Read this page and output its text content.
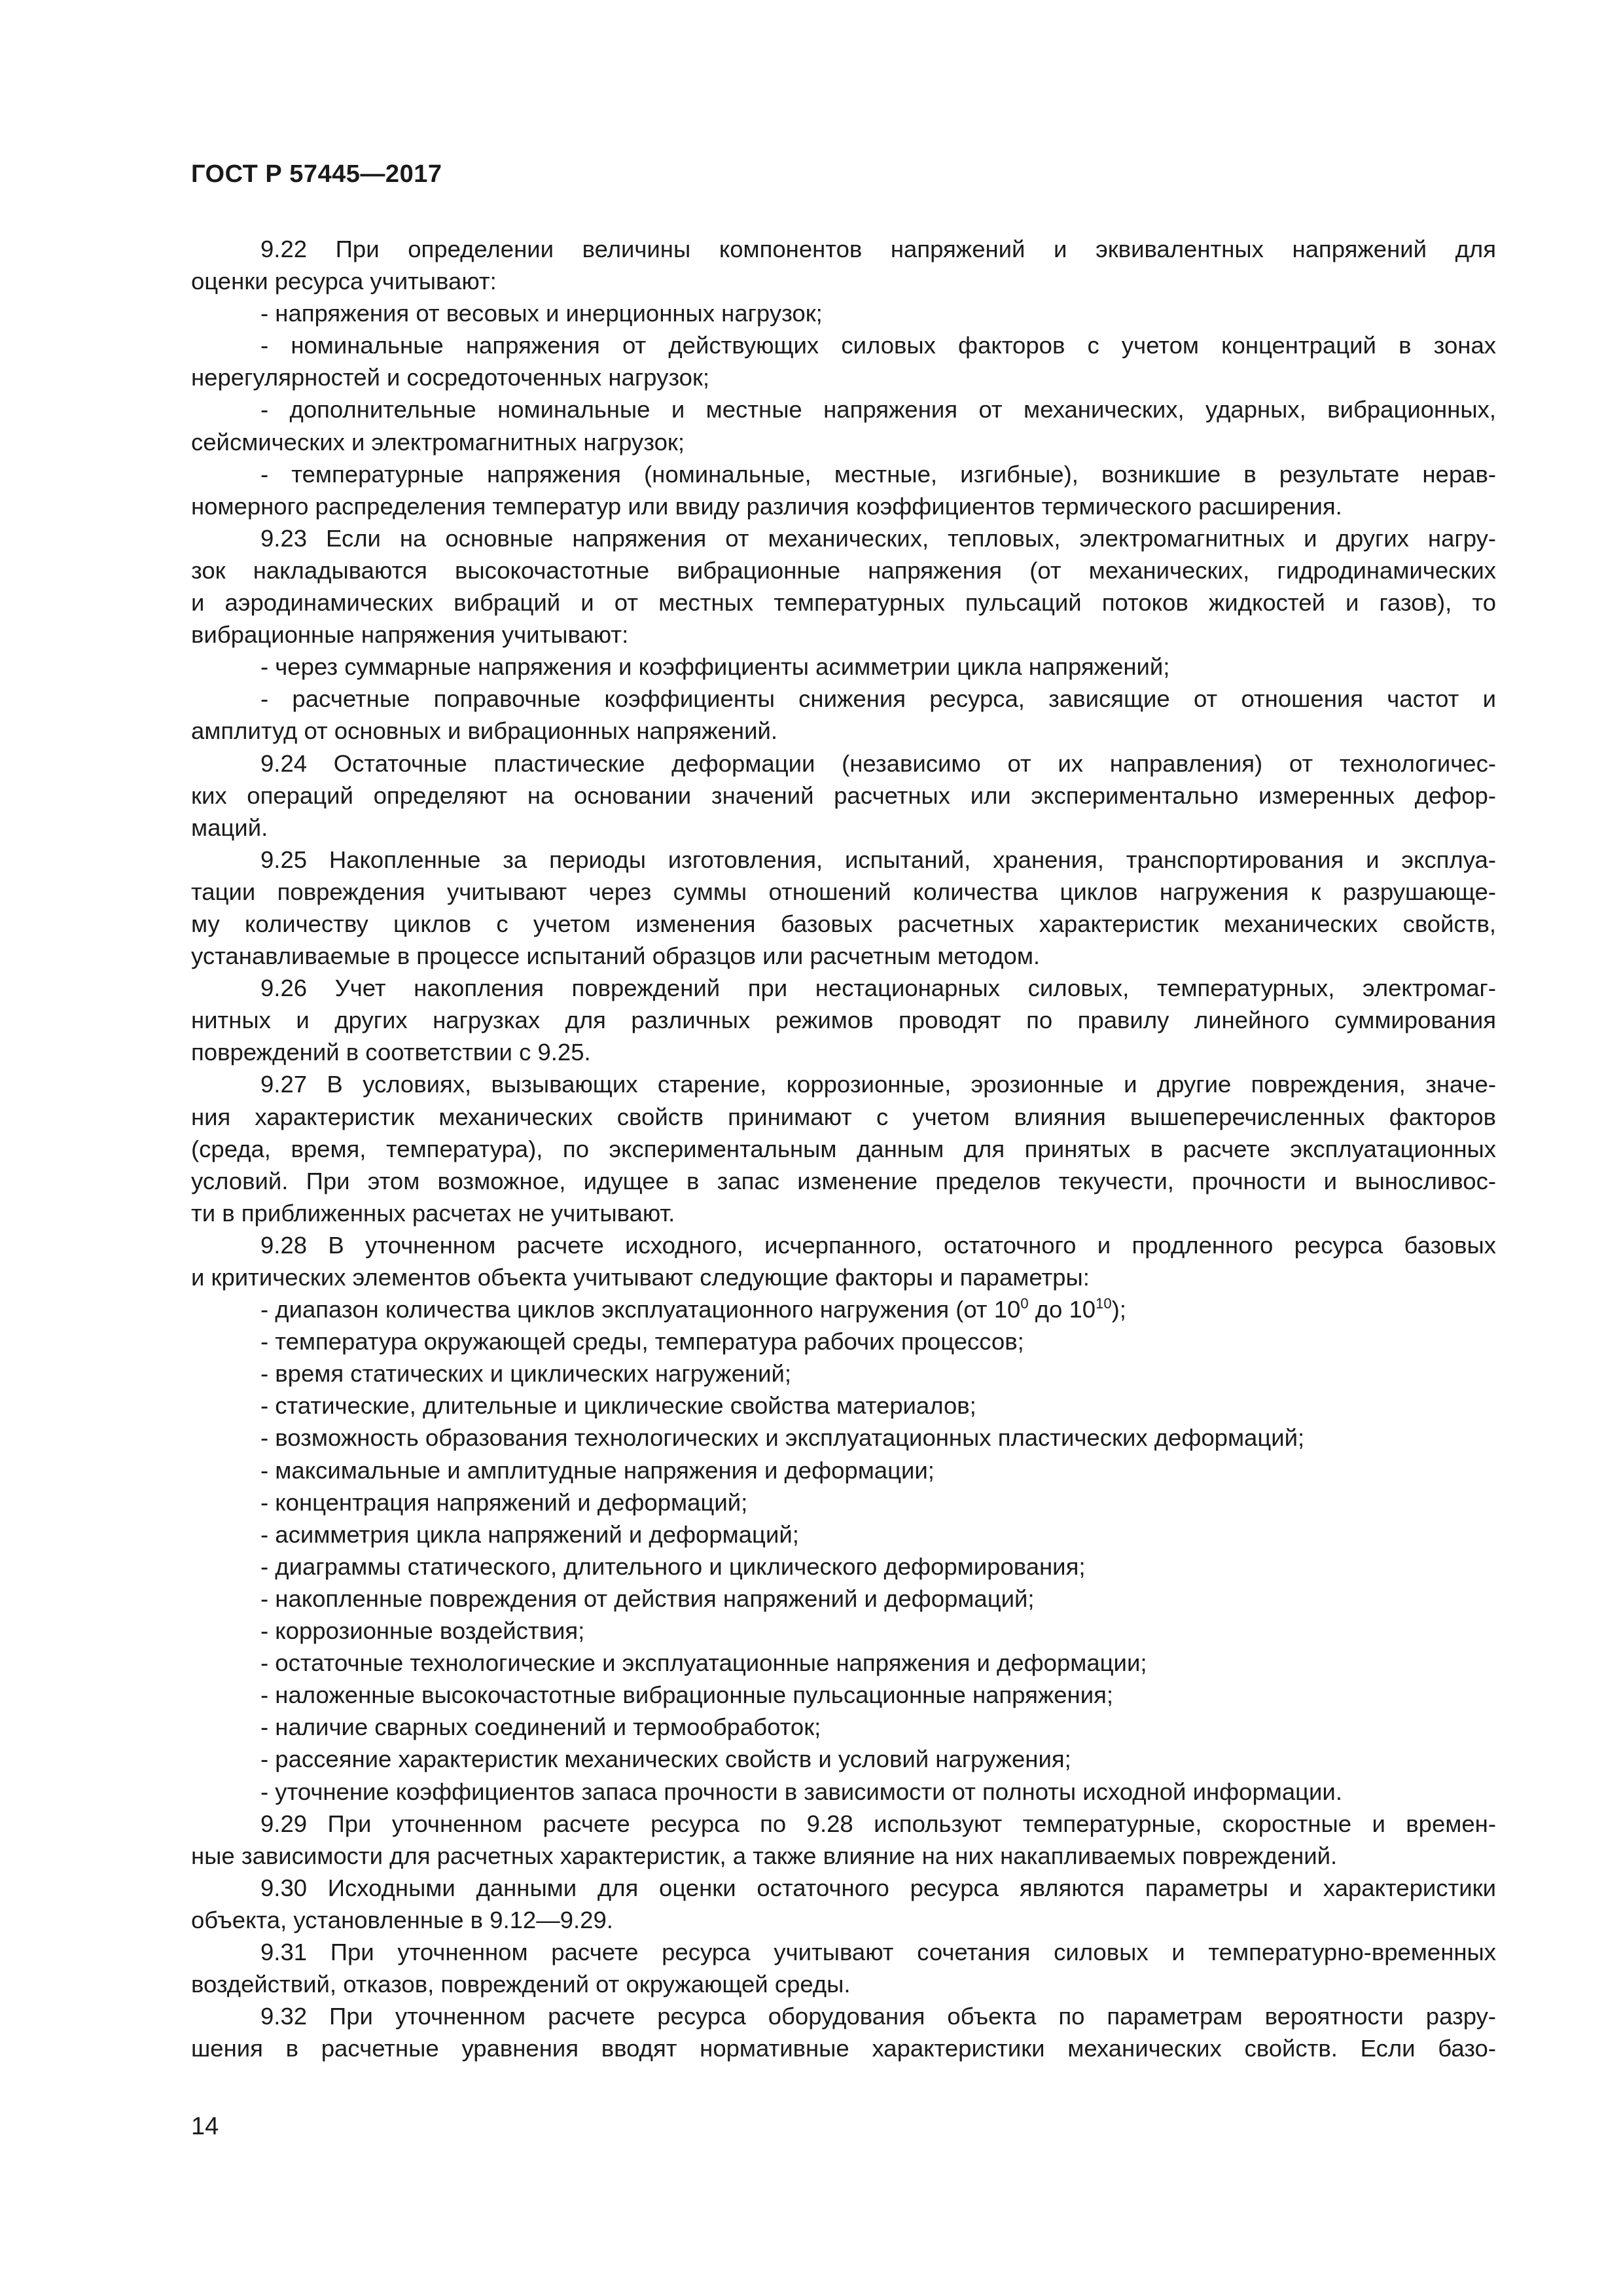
ГОСТ Р 57445—2017
9.22 При определении величины компонентов напряжений и эквивалентных напряжений для
оценки ресурса учитывают:
- напряжения от весовых и инерционных нагрузок;
- номинальные напряжения от действующих силовых факторов с учетом концентраций в зонах
нерегулярностей и сосредоточенных нагрузок;
- дополнительные номинальные и местные напряжения от механических, ударных, вибрационных,
сейсмических и электромагнитных нагрузок;
- температурные напряжения (номинальные, местные, изгибные), возникшие в результате нерав-
номерного распределения температур или ввиду различия коэффициентов термического расширения.
9.23 Если на основные напряжения от механических, тепловых, электромагнитных и других нагру-
зок накладываются высокочастотные вибрационные напряжения (от механических, гидродинамических
и аэродинамических вибраций и от местных температурных пульсаций потоков жидкостей и газов), то
вибрационные напряжения учитывают:
- через суммарные напряжения и коэффициенты асимметрии цикла напряжений;
- расчетные поправочные коэффициенты снижения ресурса, зависящие от отношения частот и
амплитуд от основных и вибрационных напряжений.
9.24 Остаточные пластические деформации (независимо от их направления) от технологичес-
ких операций определяют на основании значений расчетных или экспериментально измеренных дефор-
маций.
9.25 Накопленные за периоды изготовления, испытаний, хранения, транспортирования и эксплуа-
тации повреждения учитывают через суммы отношений количества циклов нагружения к разрушающе-
му количеству циклов с учетом изменения базовых расчетных характеристик механических свойств,
устанавливаемые в процессе испытаний образцов или расчетным методом.
9.26 Учет накопления повреждений при нестационарных силовых, температурных, электромаг-
нитных и других нагрузках для различных режимов проводят по правилу линейного суммирования
повреждений в соответствии с 9.25.
9.27 В условиях, вызывающих старение, коррозионные, эрозионные и другие повреждения, значе-
ния характеристик механических свойств принимают с учетом влияния вышеперечисленных факторов
(среда, время, температура), по экспериментальным данным для принятых в расчете эксплуатационных
условий. При этом возможное, идущее в запас изменение пределов текучести, прочности и выносливос-
ти в приближенных расчетах не учитывают.
9.28 В уточненном расчете исходного, исчерпанного, остаточного и продленного ресурса базовых
и критических элементов объекта учитывают следующие факторы и параметры:
- диапазон количества циклов эксплуатационного нагружения (от $10^0$ до $10^{10}$);
- температура окружающей среды, температура рабочих процессов;
- время статических и циклических нагружений;
- статические, длительные и циклические свойства материалов;
- возможность образования технологических и эксплуатационных пластических деформаций;
- максимальные и амплитудные напряжения и деформации;
- концентрация напряжений и деформаций;
- асимметрия цикла напряжений и деформаций;
- диаграммы статического, длительного и циклического деформирования;
- накопленные повреждения от действия напряжений и деформаций;
- коррозионные воздействия;
- остаточные технологические и эксплуатационные напряжения и деформации;
- наложенные высокочастотные вибрационные пульсационные напряжения;
- наличие сварных соединений и термообработок;
- рассеяние характеристик механических свойств и условий нагружения;
- уточнение коэффициентов запаса прочности в зависимости от полноты исходной информации.
9.29 При уточненном расчете ресурса по 9.28 используют температурные, скоростные и времен-
ные зависимости для расчетных характеристик, а также влияние на них накапливаемых повреждений.
9.30 Исходными данными для оценки остаточного ресурса являются параметры и характеристики
объекта, установленные в 9.12—9.29.
9.31 При уточненном расчете ресурса учитывают сочетания силовых и температурно-временных
воздействий, отказов, повреждений от окружающей среды.
9.32 При уточненном расчете ресурса оборудования объекта по параметрам вероятности разру-
шения в расчетные уравнения вводят нормативные характеристики механических свойств. Если базо-
14
